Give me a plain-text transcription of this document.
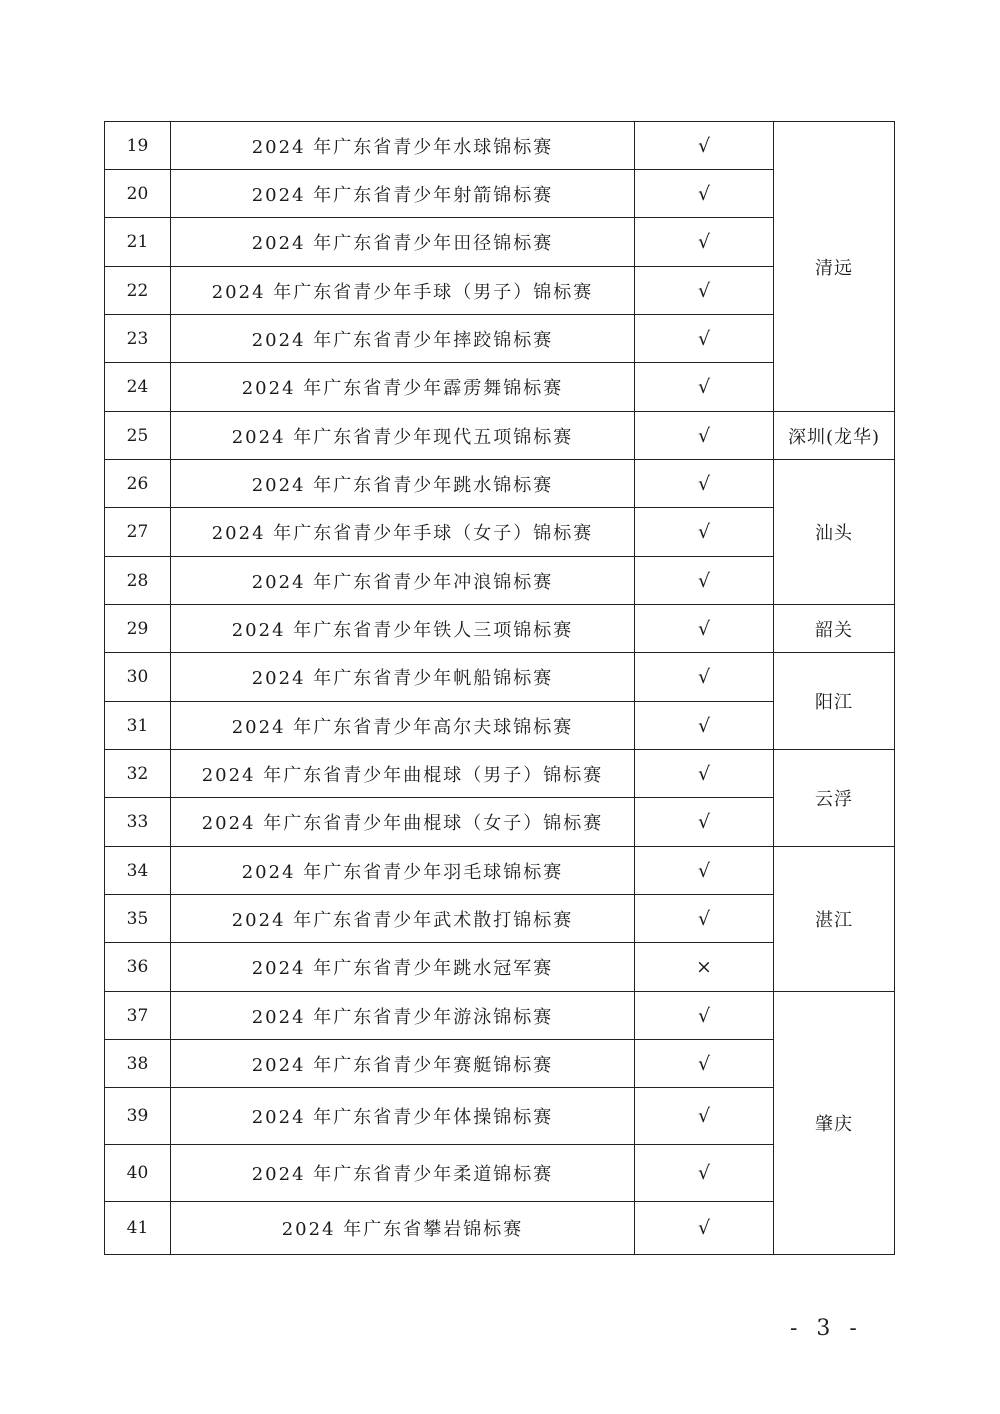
19	2024 年广东省青少年水球锦标赛	√	清远
20	2024 年广东省青少年射箭锦标赛	√	
21	2024 年广东省青少年田径锦标赛	√	
22	2024 年广东省青少年手球（男子）锦标赛	√	
23	2024 年广东省青少年摔跤锦标赛	√	
24	2024 年广东省青少年霹雳舞锦标赛	√	
25	2024 年广东省青少年现代五项锦标赛	√	深圳(龙华)
26	2024 年广东省青少年跳水锦标赛	√	汕头
27	2024 年广东省青少年手球（女子）锦标赛	√	
28	2024 年广东省青少年冲浪锦标赛	√	
29	2024 年广东省青少年铁人三项锦标赛	√	韶关
30	2024 年广东省青少年帆船锦标赛	√	阳江
31	2024 年广东省青少年高尔夫球锦标赛	√	
32	2024 年广东省青少年曲棍球（男子）锦标赛	√	云浮
33	2024 年广东省青少年曲棍球（女子）锦标赛	√	
34	2024 年广东省青少年羽毛球锦标赛	√	湛江
35	2024 年广东省青少年武术散打锦标赛	√	
36	2024 年广东省青少年跳水冠军赛	×	
37	2024 年广东省青少年游泳锦标赛	√	肇庆
38	2024 年广东省青少年赛艇锦标赛	√	
39	2024 年广东省青少年体操锦标赛	√	
40	2024 年广东省青少年柔道锦标赛	√	
41	2024 年广东省攀岩锦标赛	√	
- 3 -
